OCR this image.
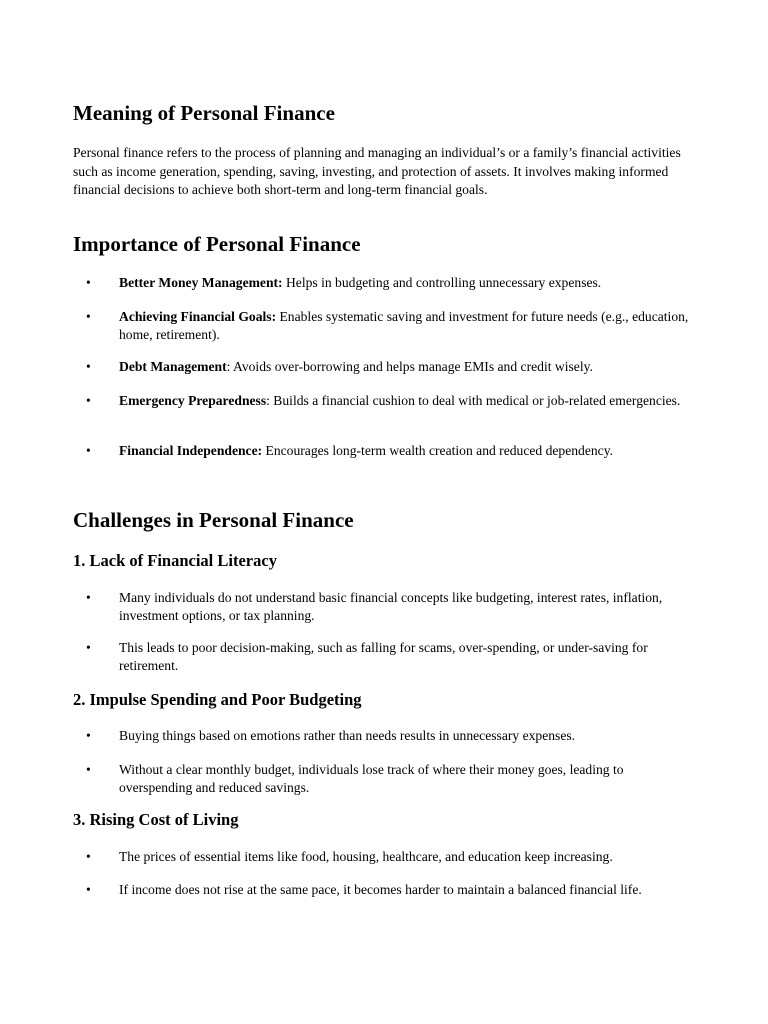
Meaning of Personal Finance

Personal finance refers to the process of planning and managing an individual’s or a family’s financial activities such as income generation, spending, saving, investing, and protection of assets. It involves making informed financial decisions to achieve both short-term and long-term financial goals.

Importance of Personal Finance
• Better Money Management: Helps in budgeting and controlling unnecessary expenses.
• Achieving Financial Goals: Enables systematic saving and investment for future needs (e.g., education, home, retirement).
• Debt Management: Avoids over-borrowing and helps manage EMIs and credit wisely.
• Emergency Preparedness: Builds a financial cushion to deal with medical or job-related emergencies.
• Financial Independence: Encourages long-term wealth creation and reduced dependency.
Challenges in Personal Finance
1. Lack of Financial Literacy
• Many individuals do not understand basic financial concepts like budgeting, interest rates, inflation, investment options, or tax planning.
• This leads to poor decision-making, such as falling for scams, over-spending, or under-saving for retirement.
2. Impulse Spending and Poor Budgeting
• Buying things based on emotions rather than needs results in unnecessary expenses.
• Without a clear monthly budget, individuals lose track of where their money goes, leading to overspending and reduced savings.
3. Rising Cost of Living
• The prices of essential items like food, housing, healthcare, and education keep increasing.
• If income does not rise at the same pace, it becomes harder to maintain a balanced financial life.
